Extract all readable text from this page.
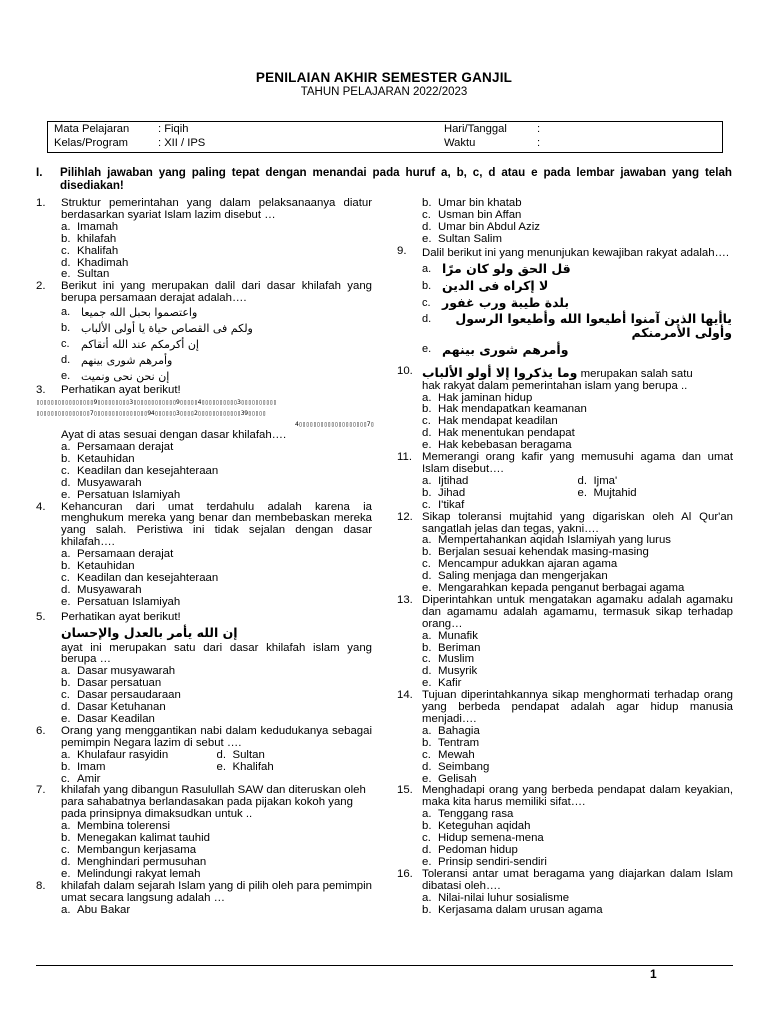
PENILAIAN AKHIR SEMESTER GANJIL
TAHUN PELAJARAN 2022/2023
Mata Pelajaran	: Fiqih
Kelas/Program	: XII / IPS
Hari/Tanggal	:
Waktu	:
I. Pilihlah jawaban yang paling tepat dengan menandai pada huruf a, b, c, d atau e pada lembar jawaban yang telah disediakan!
1. Struktur pemerintahan yang dalam pelaksanaanya diatur berdasarkan syariat Islam lazim disebut …
a. Imamah
b. khilafah
c. Khalifah
d. Khadimah
e. Sultan
2. Berikut ini yang merupakan dalil dari dasar khilafah yang berupa persamaan derajat adalah….
a. واعتصموا بحبل الله جميعا
b. ولكم فى القصاص حياة يا أولى الألباب
c. إن أكرمكم عند الله أتقاكم
d. وأمرهم شورى بينهم
e. إن نحن نحى ونميت
3. Perhatikan ayat berikut!
▯▯▯▯▯▯▯▯▯▯▯▯▯▯▯▯9▯▯▯▯▯▯▯▯▯3▯▯▯▯▯▯▯▯▯▯▯▯9▯▯▯▯▯4▯▯▯▯▯▯▯▯▯▯3▯▯▯▯▯▯▯▯▯▯
▯▯▯▯▯▯▯▯▯▯▯▯▯▯▯7▯▯▯▯▯▯▯▯▯▯▯▯▯▯▯94▯▯▯▯▯▯3▯▯▯▯2▯▯▯▯▯▯▯▯▯▯▯▯39▯▯▯▯▯
4▯▯▯▯▯▯▯▯▯▯▯▯▯▯▯▯▯▯▯7▯
Ayat di atas sesuai dengan dasar khilafah….
a. Persamaan derajat
b. Ketauhidan
c. Keadilan dan kesejahteraan
d. Musyawarah
e. Persatuan Islamiyah
4. Kehancuran dari umat terdahulu adalah karena ia menghukum mereka yang benar dan membebaskan mereka yang salah. Peristiwa ini tidak sejalan dengan dasar khilafah….
a. Persamaan derajat
b. Ketauhidan
c. Keadilan dan kesejahteraan
d. Musyawarah
e. Persatuan Islamiyah
5. Perhatikan ayat berikut!
إن الله يأمر بالعدل والإحسان
ayat ini merupakan satu dari dasar khilafah islam yang berupa …
a. Dasar musyawarah
b. Dasar persatuan
c. Dasar persaudaraan
d. Dasar Ketuhanan
e. Dasar Keadilan
6. Orang yang menggantikan nabi dalam kedudukanya sebagai pemimpin Negara lazim di sebut ….
a. Khulafaur rasyidin	d. Sultan
b. Imam	e. Khalifah
c. Amir
7. khilafah yang dibangun Rasulullah SAW dan diteruskan oleh para sahabatnya berlandasakan pada pijakan kokoh yang pada prinsipnya dimaksudkan untuk ..
a. Membina tolerensi
b. Menegakan kalimat tauhid
c. Membangun kerjasama
d. Menghindari permusuhan
e. Melindungi rakyat lemah
8. khilafah dalam sejarah Islam yang di pilih oleh para pemimpin umat secara langsung adalah …
a. Abu Bakar
b. Umar bin khatab
c. Usman bin Affan
d. Umar bin Abdul Aziz
e. Sultan Salim
9. Dalil berikut ini yang menunjukan kewajiban rakyat adalah….
a. قل الحق ولو كان مرًا
b. لا إكراه فى الدين
c. بلدة طيبة ورب غفور
d. ياأيها الذين آمنوا أطيعوا الله وأطيعوا الرسول وأولى الأمرمنكم
e. وأمرهم شورى بينهم
10. وما يذكروا إلا أولو الألباب merupakan salah satu
hak rakyat dalam pemerintahan islam yang berupa ..
a. Hak jaminan hidup
b. Hak mendapatkan keamanan
c. Hak mendapat keadilan
d. Hak menentukan pendapat
e. Hak kebebasan beragama
11. Memerangi orang kafir yang memusuhi agama dan umat Islam disebut….
a. Ijtihad	d. Ijma'
b. Jihad	e. Mujtahid
c. I'tikaf
12. Sikap toleransi mujtahid yang digariskan oleh Al Qur'an sangatlah jelas dan tegas, yakni….
a. Mempertahankan aqidah Islamiyah yang lurus
b. Berjalan sesuai kehendak masing-masing
c. Mencampur adukkan ajaran agama
d. Saling menjaga dan mengerjakan
e. Mengarahkan kepada penganut berbagai agama
13. Diperintahkan untuk mengatakan agamaku adalah agamaku dan agamamu adalah agamamu, termasuk sikap terhadap orang…
a. Munafik
b. Beriman
c. Muslim
d. Musyrik
e. Kafir
14. Tujuan diperintahkannya sikap menghormati terhadap orang yang berbeda pendapat adalah agar hidup manusia menjadi….
a. Bahagia
b. Tentram
c. Mewah
d. Seimbang
e. Gelisah
15. Menghadapi orang yang berbeda pendapat dalam keyakian, maka kita harus memiliki sifat….
a. Tenggang rasa
b. Keteguhan aqidah
c. Hidup semena-mena
d. Pedoman hidup
e. Prinsip sendiri-sendiri
16. Toleransi antar umat beragama yang diajarkan dalam Islam dibatasi oleh….
a. Nilai-nilai luhur sosialisme
b. Kerjasama dalam urusan agama
1
